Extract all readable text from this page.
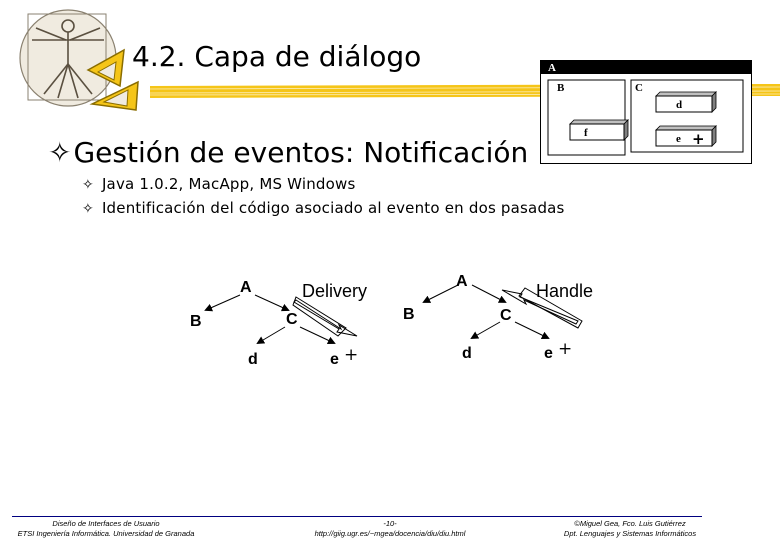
4.2. Capa de diálogo	A
B	C
f
d
e +
✧Gestión de eventos: Notificación
✧ Java 1.0.2, MacApp, MS Windows
✧ Identificación del código asociado al evento en dos pasadas
A
B	C
d	e +
Delivery	A
B	C
d	e +
Handle
Diseño de Interfaces de Usuario
ETSI Ingeniería Informática. Universidad de Granada
-10-
http://giig.ugr.es/~mgea/docencia/diu/diu.html
©Miguel Gea, Fco. Luis Gutiérrez
Dpt. Lenguajes y Sistemas Informáticos
